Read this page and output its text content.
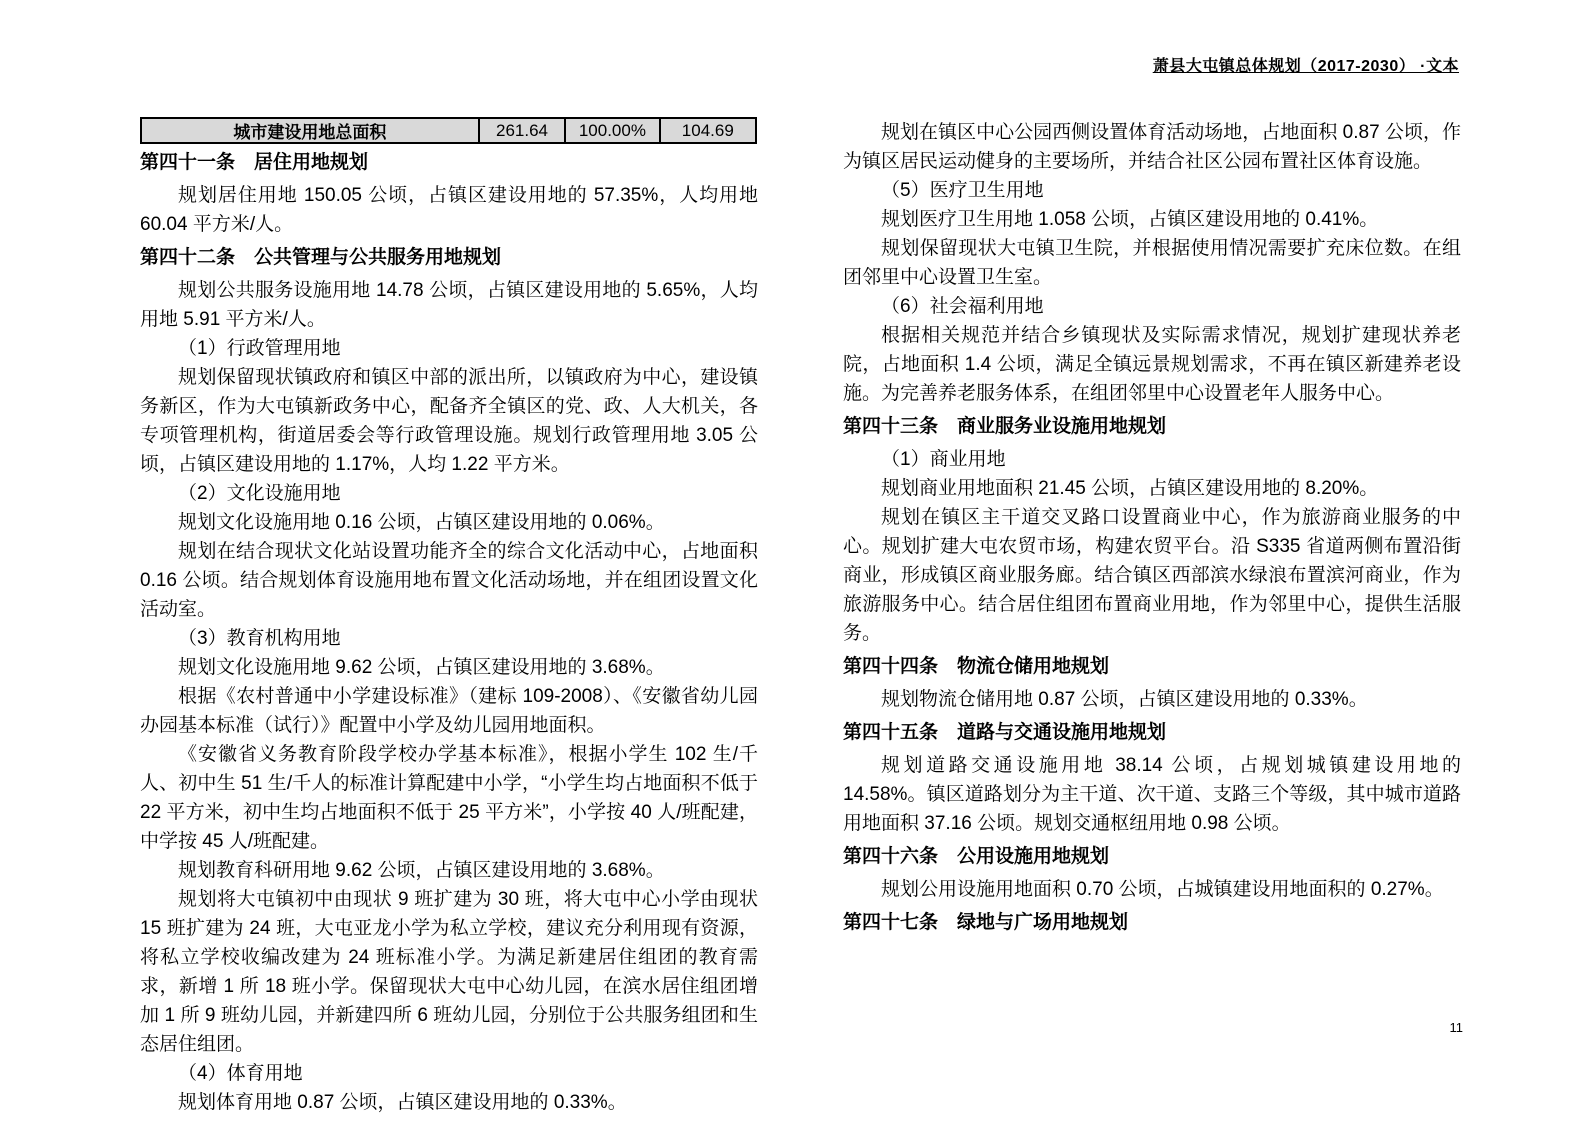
萧县大屯镇总体规划（2017-2030） ·文本
城市建设用地总面积	261.64	100.00%	104.69
第四十一条　居住用地规划

规划居住用地 150.05 公顷，占镇区建设用地的 57.35%，人均用地 60.04 平方米/人。

第四十二条　公共管理与公共服务用地规划

规划公共服务设施用地 14.78 公顷，占镇区建设用地的 5.65%，人均用地 5.91 平方米/人。

（1）行政管理用地

规划保留现状镇政府和镇区中部的派出所，以镇政府为中心，建设镇务新区，作为大屯镇新政务中心，配备齐全镇区的党、政、人大机关，各专项管理机构，街道居委会等行政管理设施。规划行政管理用地 3.05 公顷，占镇区建设用地的 1.17%，人均 1.22 平方米。

（2）文化设施用地

规划文化设施用地 0.16 公顷，占镇区建设用地的 0.06%。

规划在结合现状文化站设置功能齐全的综合文化活动中心，占地面积 0.16 公顷。结合规划体育设施用地布置文化活动场地，并在组团设置文化活动室。

（3）教育机构用地

规划文化设施用地 9.62 公顷，占镇区建设用地的 3.68%。

根据《农村普通中小学建设标准》（建标 109-2008）、《安徽省幼儿园办园基本标准（试行）》配置中小学及幼儿园用地面积。

《安徽省义务教育阶段学校办学基本标准》，根据小学生 102 生/千人、初中生 51 生/千人的标准计算配建中小学，“小学生均占地面积不低于 22 平方米，初中生均占地面积不低于 25 平方米”，小学按 40 人/班配建，中学按 45 人/班配建。

规划教育科研用地 9.62 公顷，占镇区建设用地的 3.68%。

规划将大屯镇初中由现状 9 班扩建为 30 班，将大屯中心小学由现状 15 班扩建为 24 班，大屯亚龙小学为私立学校，建议充分利用现有资源，将私立学校收编改建为 24 班标准小学。为满足新建居住组团的教育需求，新增 1 所 18 班小学。保留现状大屯中心幼儿园，在滨水居住组团增加 1 所 9 班幼儿园，并新建四所 6 班幼儿园，分别位于公共服务组团和生态居住组团。

（4）体育用地

规划体育用地 0.87 公顷，占镇区建设用地的 0.33%。

规划在镇区中心公园西侧设置体育活动场地，占地面积 0.87 公顷，作为镇区居民运动健身的主要场所，并结合社区公园布置社区体育设施。

（5）医疗卫生用地

规划医疗卫生用地 1.058 公顷，占镇区建设用地的 0.41%。

规划保留现状大屯镇卫生院，并根据使用情况需要扩充床位数。在组团邻里中心设置卫生室。

（6）社会福利用地

根据相关规范并结合乡镇现状及实际需求情况，规划扩建现状养老院，占地面积 1.4 公顷，满足全镇远景规划需求，不再在镇区新建养老设施。为完善养老服务体系，在组团邻里中心设置老年人服务中心。

第四十三条　商业服务业设施用地规划

（1）商业用地

规划商业用地面积 21.45 公顷，占镇区建设用地的 8.20%。

规划在镇区主干道交叉路口设置商业中心，作为旅游商业服务的中心。规划扩建大屯农贸市场，构建农贸平台。沿 S335 省道两侧布置沿街商业，形成镇区商业服务廊。结合镇区西部滨水绿浪布置滨河商业，作为旅游服务中心。结合居住组团布置商业用地，作为邻里中心，提供生活服务。

第四十四条　物流仓储用地规划

规划物流仓储用地 0.87 公顷，占镇区建设用地的 0.33%。

第四十五条　道路与交通设施用地规划

规划道路交通设施用地 38.14 公顷，占规划城镇建设用地的 14.58%。镇区道路划分为主干道、次干道、支路三个等级，其中城市道路用地面积 37.16 公顷。规划交通枢纽用地 0.98 公顷。

第四十六条　公用设施用地规划

规划公用设施用地面积 0.70 公顷，占城镇建设用地面积的 0.27%。

第四十七条　绿地与广场用地规划
11
